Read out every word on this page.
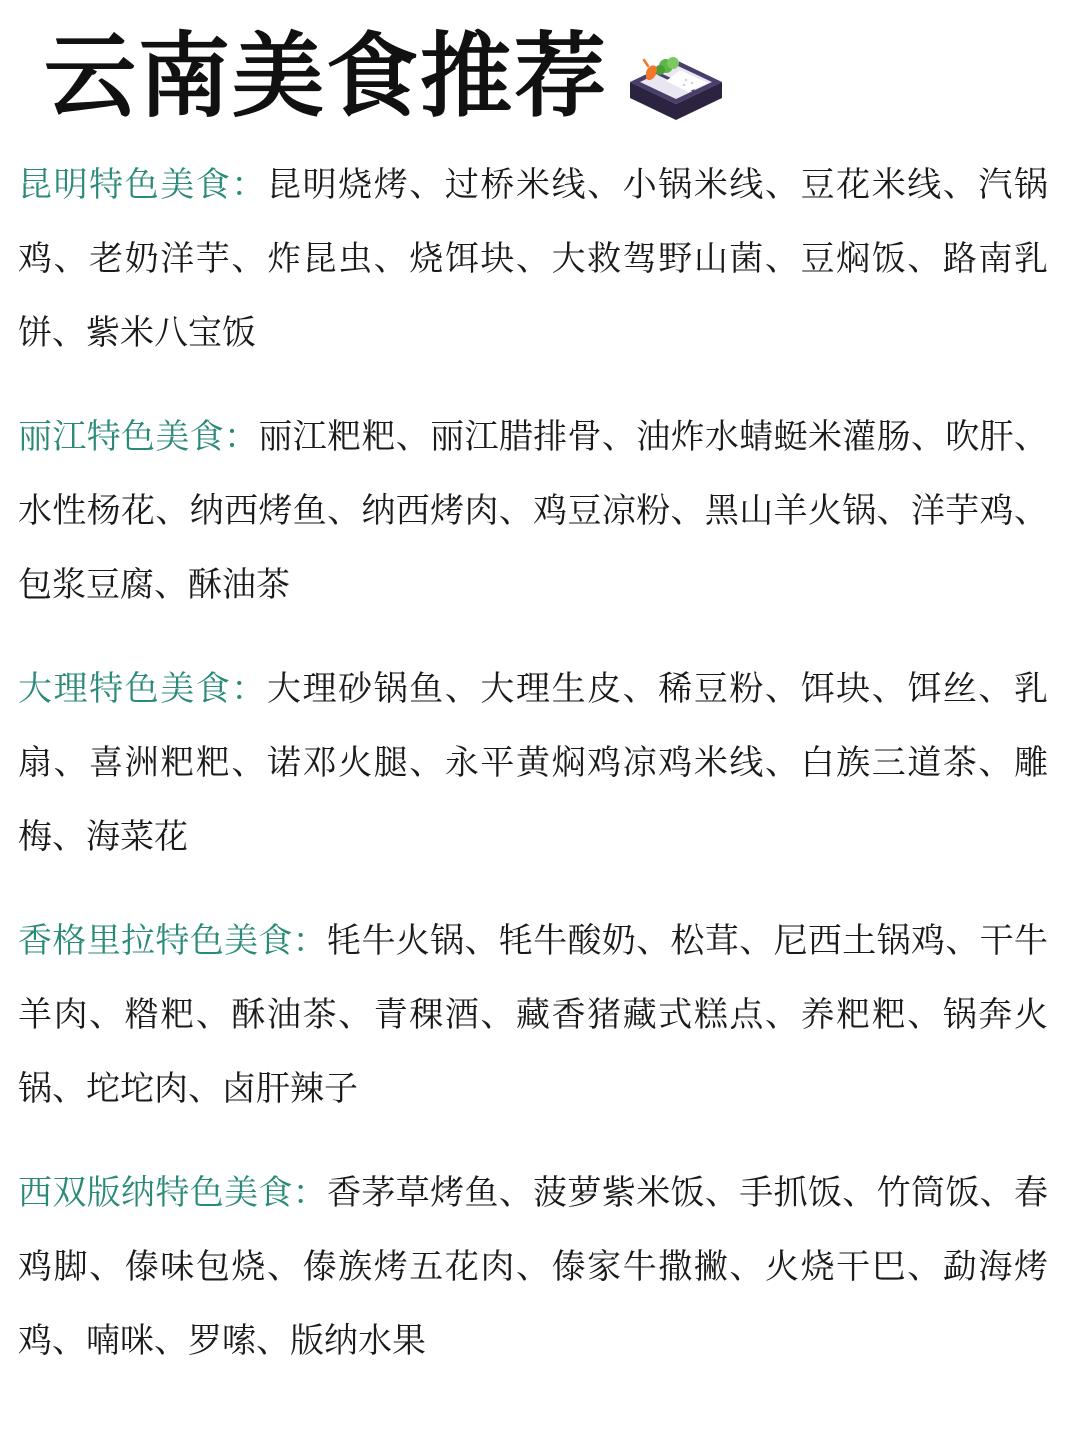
云南美食推荐

昆明特色美食：昆明烧烤、过桥米线、小锅米线、豆花米线、汽锅鸡、老奶洋芋、炸昆虫、烧饵块、大救驾野山菌、豆焖饭、路南乳饼、紫米八宝饭

丽江特色美食：丽江粑粑、丽江腊排骨、油炸水蜻蜓米灌肠、吹肝、水性杨花、纳西烤鱼、纳西烤肉、鸡豆凉粉、黑山羊火锅、洋芋鸡、包浆豆腐、酥油茶

大理特色美食：大理砂锅鱼、大理生皮、稀豆粉、饵块、饵丝、乳扇、喜洲粑粑、诺邓火腿、永平黄焖鸡凉鸡米线、白族三道茶、雕梅、海菜花

香格里拉特色美食：牦牛火锅、牦牛酸奶、松茸、尼西土锅鸡、干牛羊肉、糌粑、酥油茶、青稞酒、藏香猪藏式糕点、养粑粑、锅奔火锅、坨坨肉、卤肝辣子

西双版纳特色美食：香茅草烤鱼、菠萝紫米饭、手抓饭、竹筒饭、春鸡脚、傣味包烧、傣族烤五花肉、傣家牛撒撇、火烧干巴、勐海烤鸡、喃咪、罗嗦、版纳水果
